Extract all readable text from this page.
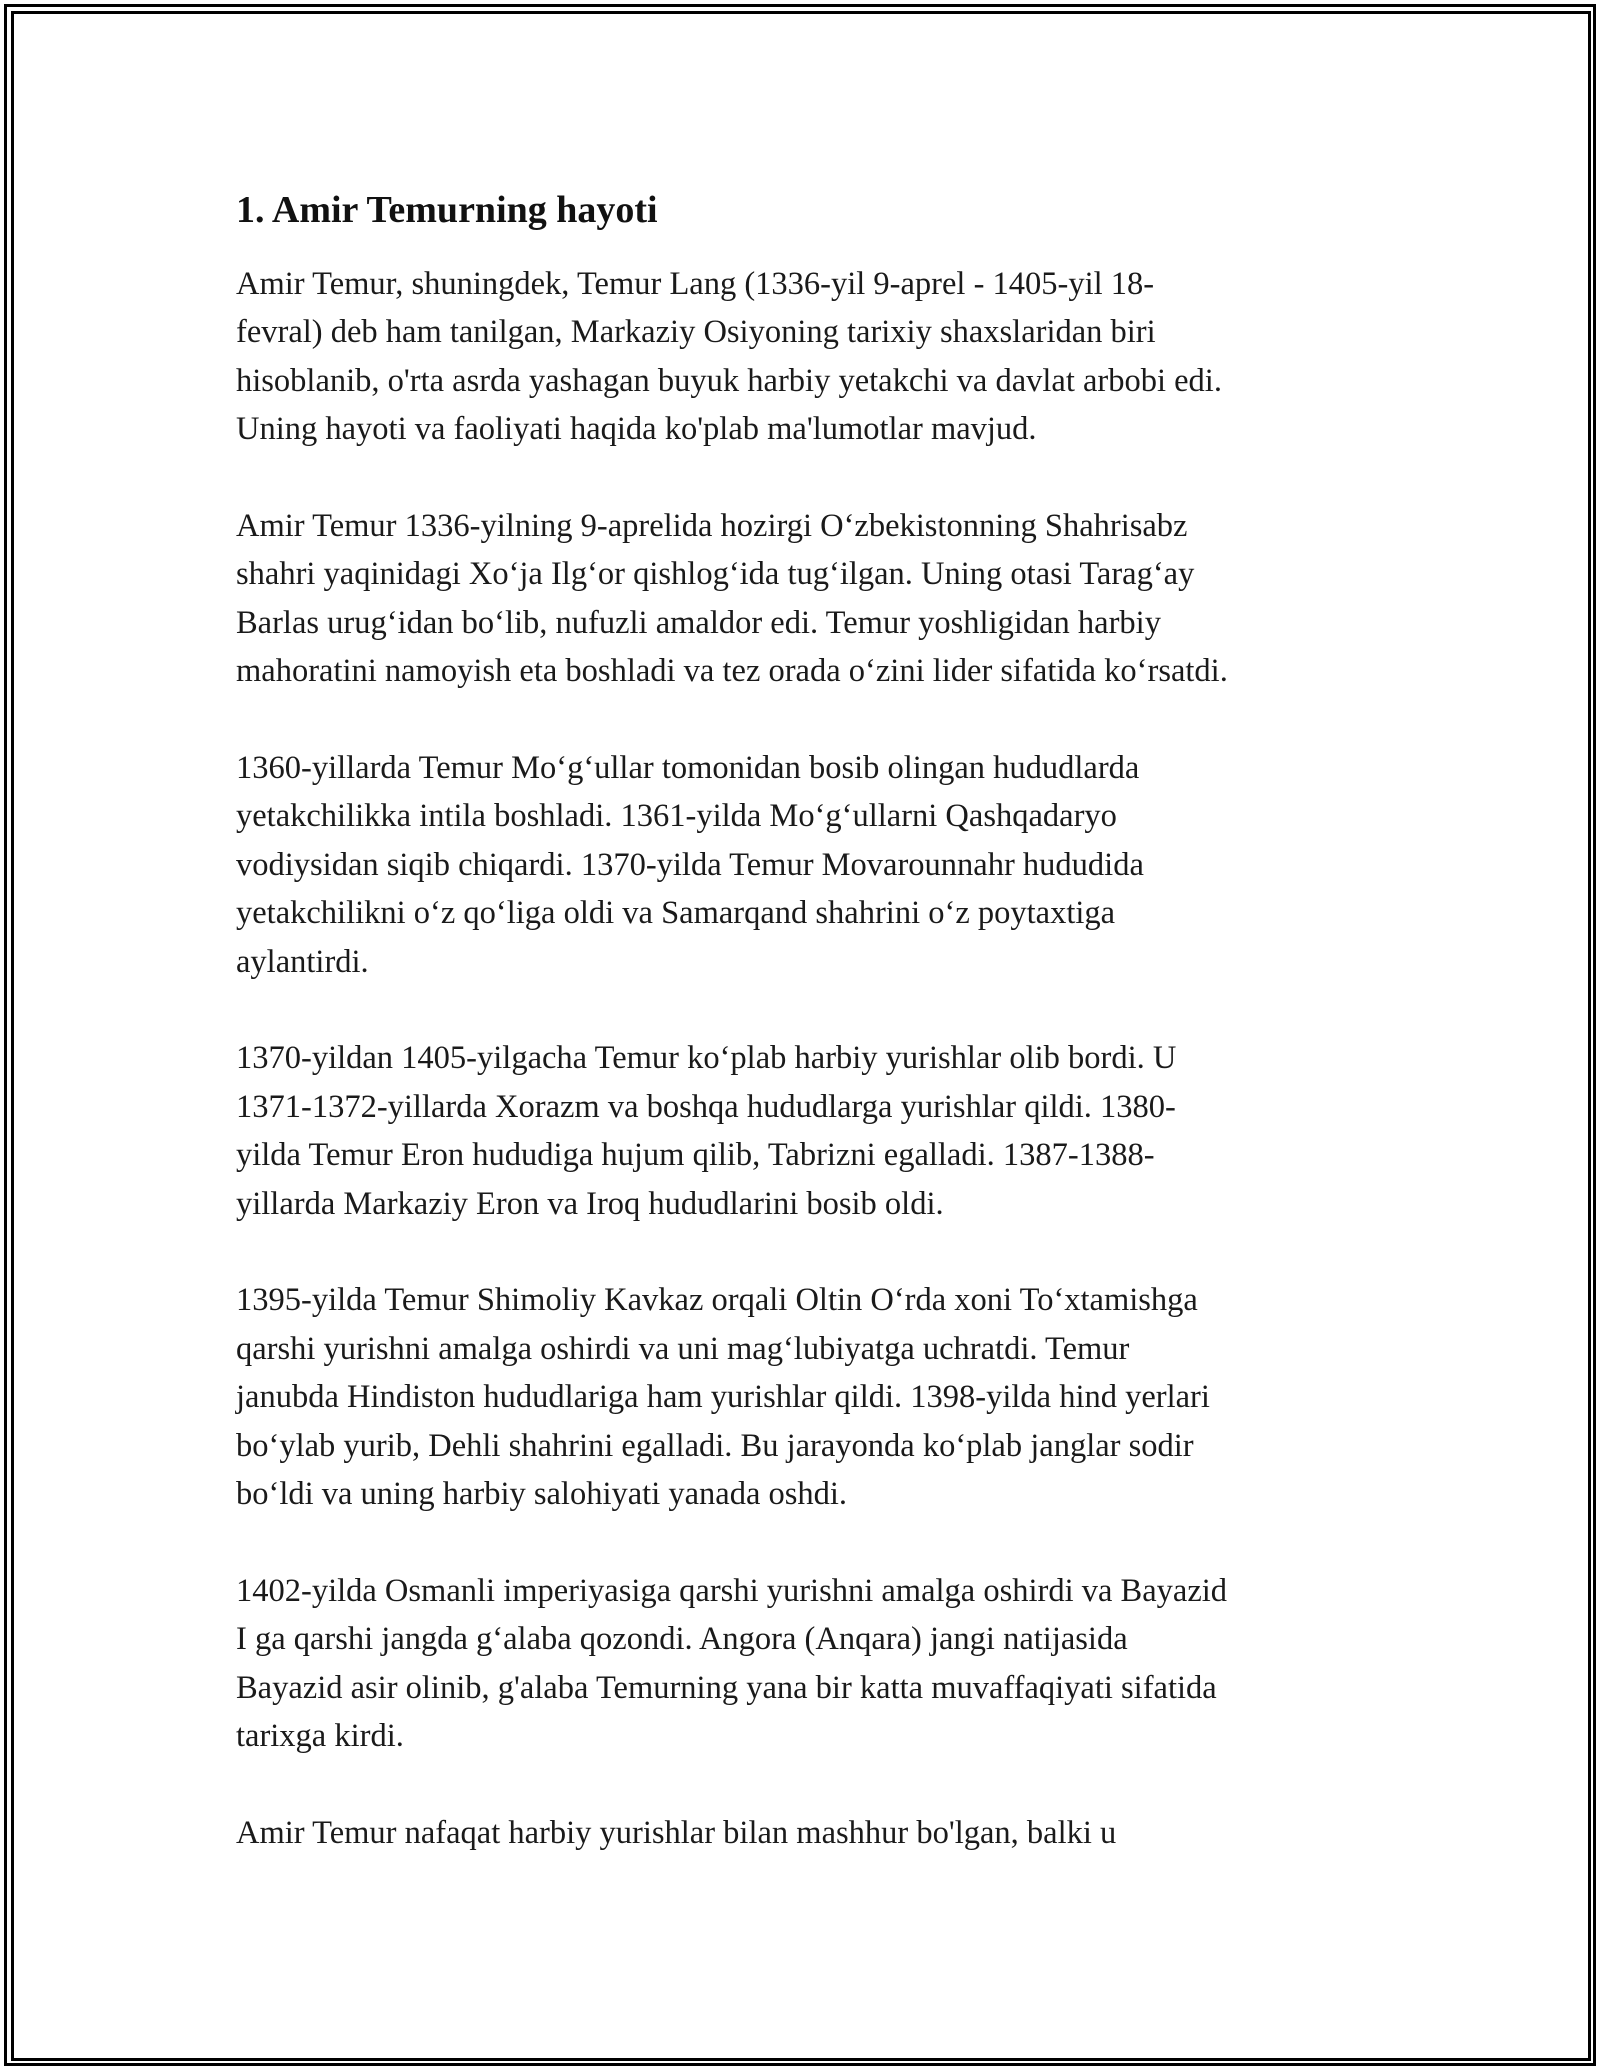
1. Amir Temurning hayoti

Amir Temur, shuningdek, Temur Lang (1336-yil 9-aprel - 1405-yil 18-
fevral) deb ham tanilgan, Markaziy Osiyoning tarixiy shaxslaridan biri
hisoblanib, o'rta asrda yashagan buyuk harbiy yetakchi va davlat arbobi edi.
Uning hayoti va faoliyati haqida ko'plab ma'lumotlar mavjud.

Amir Temur 1336-yilning 9-aprelida hozirgi O‘zbekistonning Shahrisabz
shahri yaqinidagi Xo‘ja Ilg‘or qishlog‘ida tug‘ilgan. Uning otasi Tarag‘ay
Barlas urug‘idan bo‘lib, nufuzli amaldor edi. Temur yoshligidan harbiy
mahoratini namoyish eta boshladi va tez orada o‘zini lider sifatida ko‘rsatdi.

1360-yillarda Temur Mo‘g‘ullar tomonidan bosib olingan hududlarda
yetakchilikka intila boshladi. 1361-yilda Mo‘g‘ullarni Qashqadaryo
vodiysidan siqib chiqardi. 1370-yilda Temur Movarounnahr hududida
yetakchilikni o‘z qo‘liga oldi va Samarqand shahrini o‘z poytaxtiga
aylantirdi.

1370-yildan 1405-yilgacha Temur ko‘plab harbiy yurishlar olib bordi. U
1371-1372-yillarda Xorazm va boshqa hududlarga yurishlar qildi. 1380-
yilda Temur Eron hududiga hujum qilib, Tabrizni egalladi. 1387-1388-
yillarda Markaziy Eron va Iroq hududlarini bosib oldi.

1395-yilda Temur Shimoliy Kavkaz orqali Oltin O‘rda xoni To‘xtamishga
qarshi yurishni amalga oshirdi va uni mag‘lubiyatga uchratdi. Temur
janubda Hindiston hududlariga ham yurishlar qildi. 1398-yilda hind yerlari
bo‘ylab yurib, Dehli shahrini egalladi. Bu jarayonda ko‘plab janglar sodir
bo‘ldi va uning harbiy salohiyati yanada oshdi.

1402-yilda Osmanli imperiyasiga qarshi yurishni amalga oshirdi va Bayazid
I ga qarshi jangda g‘alaba qozondi. Angora (Anqara) jangi natijasida
Bayazid asir olinib, g'alaba Temurning yana bir katta muvaffaqiyati sifatida
tarixga kirdi.

Amir Temur nafaqat harbiy yurishlar bilan mashhur bo'lgan, balki u
